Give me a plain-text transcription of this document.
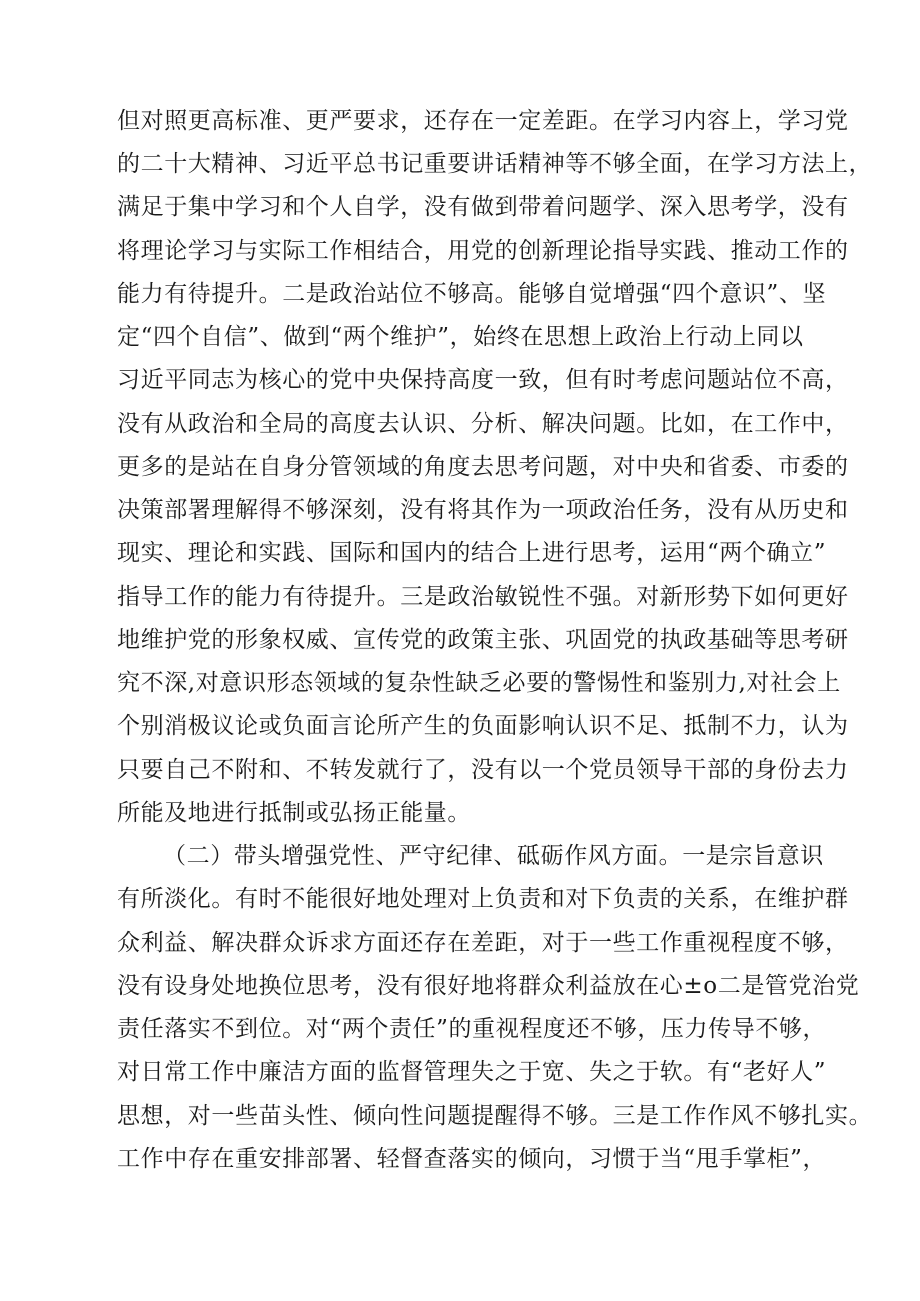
但对照更高标准、更严要求，还存在一定差距。在学习内容上，学习党

的二十大精神、习近平总书记重要讲话精神等不够全面，在学习方法上，

满足于集中学习和个人自学，没有做到带着问题学、深入思考学，没有

将理论学习与实际工作相结合，用党的创新理论指导实践、推动工作的

能力有待提升。二是政治站位不够高。能够自觉增强“四个意识”、坚

定“四个自信”、做到“两个维护”，始终在思想上政治上行动上同以

习近平同志为核心的党中央保持高度一致，但有时考虑问题站位不高，

没有从政治和全局的高度去认识、分析、解决问题。比如，在工作中，

更多的是站在自身分管领域的角度去思考问题，对中央和省委、市委的

决策部署理解得不够深刻，没有将其作为一项政治任务，没有从历史和

现实、理论和实践、国际和国内的结合上进行思考，运用“两个确立”

指导工作的能力有待提升。三是政治敏锐性不强。对新形势下如何更好

地维护党的形象权威、宣传党的政策主张、巩固党的执政基础等思考研

究不深,对意识形态领域的复杂性缺乏必要的警惕性和鉴别力,对社会上

个别消极议论或负面言论所产生的负面影响认识不足、抵制不力，认为

只要自己不附和、不转发就行了，没有以一个党员领导干部的身份去力

所能及地进行抵制或弘扬正能量。

（二）带头增强党性、严守纪律、砥砺作风方面。一是宗旨意识

有所淡化。有时不能很好地处理对上负责和对下负责的关系，在维护群

众利益、解决群众诉求方面还存在差距，对于一些工作重视程度不够，

没有设身处地换位思考，没有很好地将群众利益放在心±o二是管党治党

责任落实不到位。对“两个责任”的重视程度还不够，压力传导不够，

对日常工作中廉洁方面的监督管理失之于宽、失之于软。有“老好人”

思想，对一些苗头性、倾向性问题提醒得不够。三是工作作风不够扎实。

工作中存在重安排部署、轻督查落实的倾向，习惯于当“甩手掌柜”，
